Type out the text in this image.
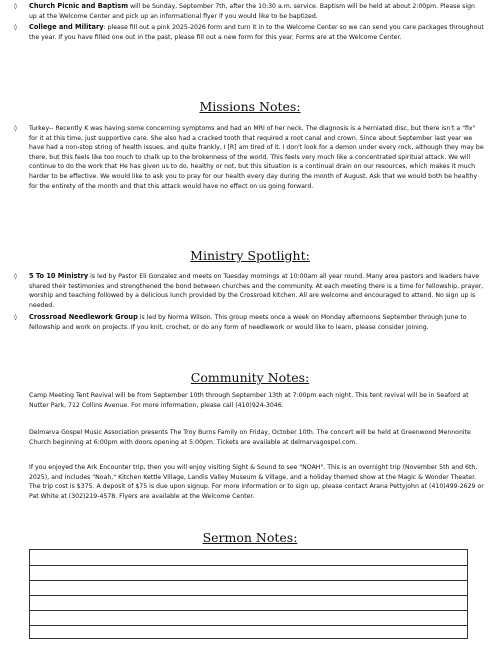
◊ Church Picnic and Baptism will be Sunday, September 7th, after the 10:30 a.m. service. Baptism will be held at about 2:00pm. Please sign up at the Welcome Center and pick up an informational flyer if you would like to be baptized.
◊ College and Military: please fill out a pink 2025-2026 form and turn it in to the Welcome Center so we can send you care packages throughout the year. If you have filled one out in the past, please fill out a new form for this year. Forms are at the Welcome Center.
Missions Notes:
◊ Turkey-- Recently K was having some concerning symptoms and had an MRI of her neck. The diagnosis is a herniated disc, but there isn't a "fix" for it at this time, just supportive care. She also had a cracked tooth that required a root canal and crown. Since about September last year we have had a non-stop string of health issues, and quite frankly, I [R] am tired of it. I don't look for a demon under every rock, although they may be there, but this feels like too much to chalk up to the brokenness of the world. This feels very much like a concentrated spiritual attack. We will continue to do the work that He has given us to do, healthy or not, but this situation is a continual drain on our resources, which makes it much harder to be effective. We would like to ask you to pray for our health every day during the month of August. Ask that we would both be healthy for the entirety of the month and that this attack would have no effect on us going forward.
Ministry Spotlight:
◊ 5 To 10 Ministry is led by Pastor Eli Gonzalez and meets on Tuesday mornings at 10:00am all year round. Many area pastors and leaders have shared their testimonies and strengthened the bond between churches and the community. At each meeting there is a time for fellowship, prayer, worship and teaching followed by a delicious lunch provided by the Crossroad kitchen. All are welcome and encouraged to attend. No sign up is needed.
◊ Crossroad Needlework Group is led by Norma Wilson. This group meets once a week on Monday afternoons September through June to fellowship and work on projects. If you knit, crochet, or do any form of needlework or would like to learn, please consider joining.
Community Notes:
Camp Meeting Tent Revival will be from September 10th through September 13th at 7:00pm each night. This tent revival will be in Seaford at Nutter Park, 712 Collins Avenue. For more information, please call (410)924-3046.
Delmarva Gospel Music Association presents The Troy Burns Family on Friday, October 10th. The concert will be held at Greenwood Mennonite Church beginning at 6:00pm with doors opening at 5:00pm. Tickets are available at delmarvagospel.com.
If you enjoyed the Ark Encounter trip, then you will enjoy visiting Sight & Sound to see "NOAH". This is an overnight trip (November 5th and 6th, 2025), and includes "Noah," Kitchen Kettle Village, Landis Valley Museum & Village, and a holiday themed show at the Magic & Wonder Theater. The trip cost is $375. A deposit of $75 is due upon signup. For more information or to sign up, please contact Arana Pettyjohn at (410)499-2629 or Pat White at (302)219-4578. Flyers are available at the Welcome Center.
Sermon Notes:
